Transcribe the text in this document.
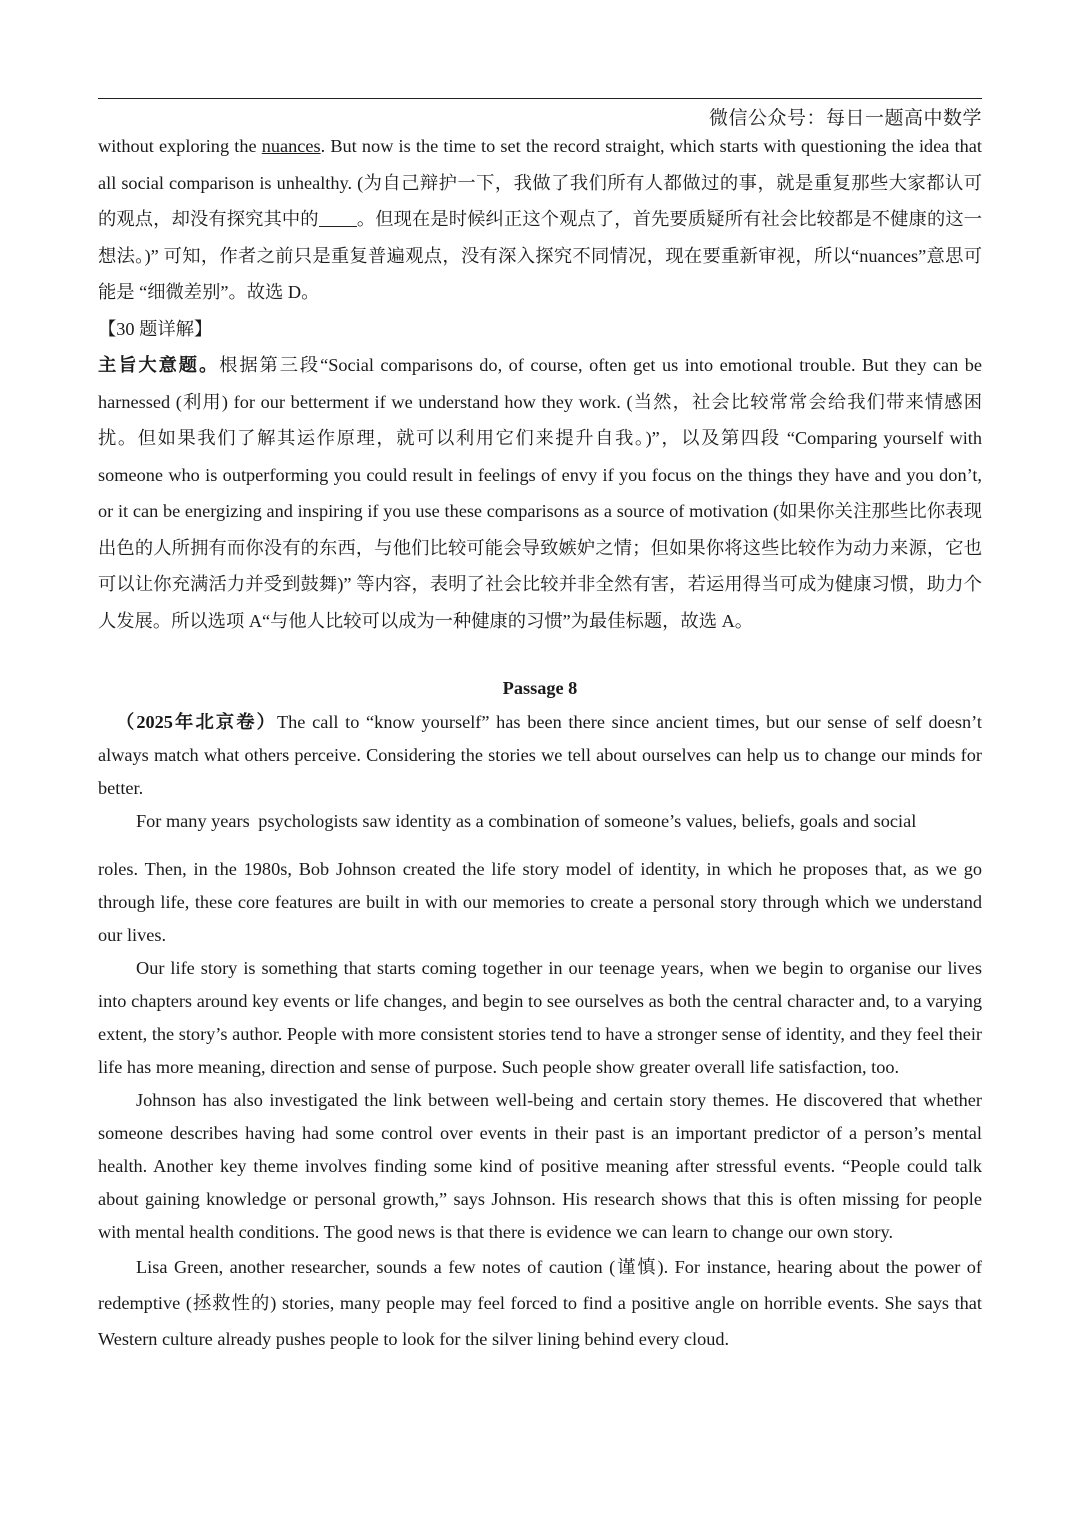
微信公众号：每日一题高中数学

without exploring the nuances. But now is the time to set the record straight, which starts with questioning the idea that all social comparison is unhealthy. (为自己辩护一下，我做了我们所有人都做过的事，就是重复那些大家都认可的观点，却没有探究其中的 。但现在是时候纠正这个观点了，首先要质疑所有社会比较都是不健康的这一想法。)” 可知，作者之前只是重复普遍观点，没有深入探究不同情况，现在要重新审视，所以“nuances”意思可能是 “细微差别”。故选 D。

【30 题详解】

主旨大意题。根据第三段“Social comparisons do, of course, often get us into emotional trouble. But they can be harnessed (利用) for our betterment if we understand how they work. (当然，社会比较常常会给我们带来情感困扰。但如果我们了解其运作原理，就可以利用它们来提升自我。)”，以及第四段 “Comparing yourself with someone who is outperforming you could result in feelings of envy if you focus on the things they have and you don’t, or it can be energizing and inspiring if you use these comparisons as a source of motivation (如果你关注那些比你表现出色的人所拥有而你没有的东西，与他们比较可能会导致嫉妒之情；但如果你将这些比较作为动力来源，它也可以让你充满活力并受到鼓舞)” 等内容，表明了社会比较并非全然有害，若运用得当可成为健康习惯，助力个人发展。所以选项 A“与他人比较可以成为一种健康的习惯”为最佳标题，故选 A。

Passage 8

（2025年北京卷）The call to “know yourself” has been there since ancient times, but our sense of self doesn’t always match what others perceive. Considering the stories we tell about ourselves can help us to change our minds for better.

For many years psychologists saw identity as a combination of someone’s values, beliefs, goals and social

roles. Then, in the 1980s, Bob Johnson created the life story model of identity, in which he proposes that, as we go through life, these core features are built in with our memories to create a personal story through which we understand our lives.

Our life story is something that starts coming together in our teenage years, when we begin to organise our lives into chapters around key events or life changes, and begin to see ourselves as both the central character and, to a varying extent, the story’s author. People with more consistent stories tend to have a stronger sense of identity, and they feel their life has more meaning, direction and sense of purpose. Such people show greater overall life satisfaction, too.

Johnson has also investigated the link between well-being and certain story themes. He discovered that whether someone describes having had some control over events in their past is an important predictor of a person’s mental health. Another key theme involves finding some kind of positive meaning after stressful events. “People could talk about gaining knowledge or personal growth,” says Johnson. His research shows that this is often missing for people with mental health conditions. The good news is that there is evidence we can learn to change our own story.

Lisa Green, another researcher, sounds a few notes of caution (谨慎). For instance, hearing about the power of redemptive (拯救性的) stories, many people may feel forced to find a positive angle on horrible events. She says that Western culture already pushes people to look for the silver lining behind every cloud.
